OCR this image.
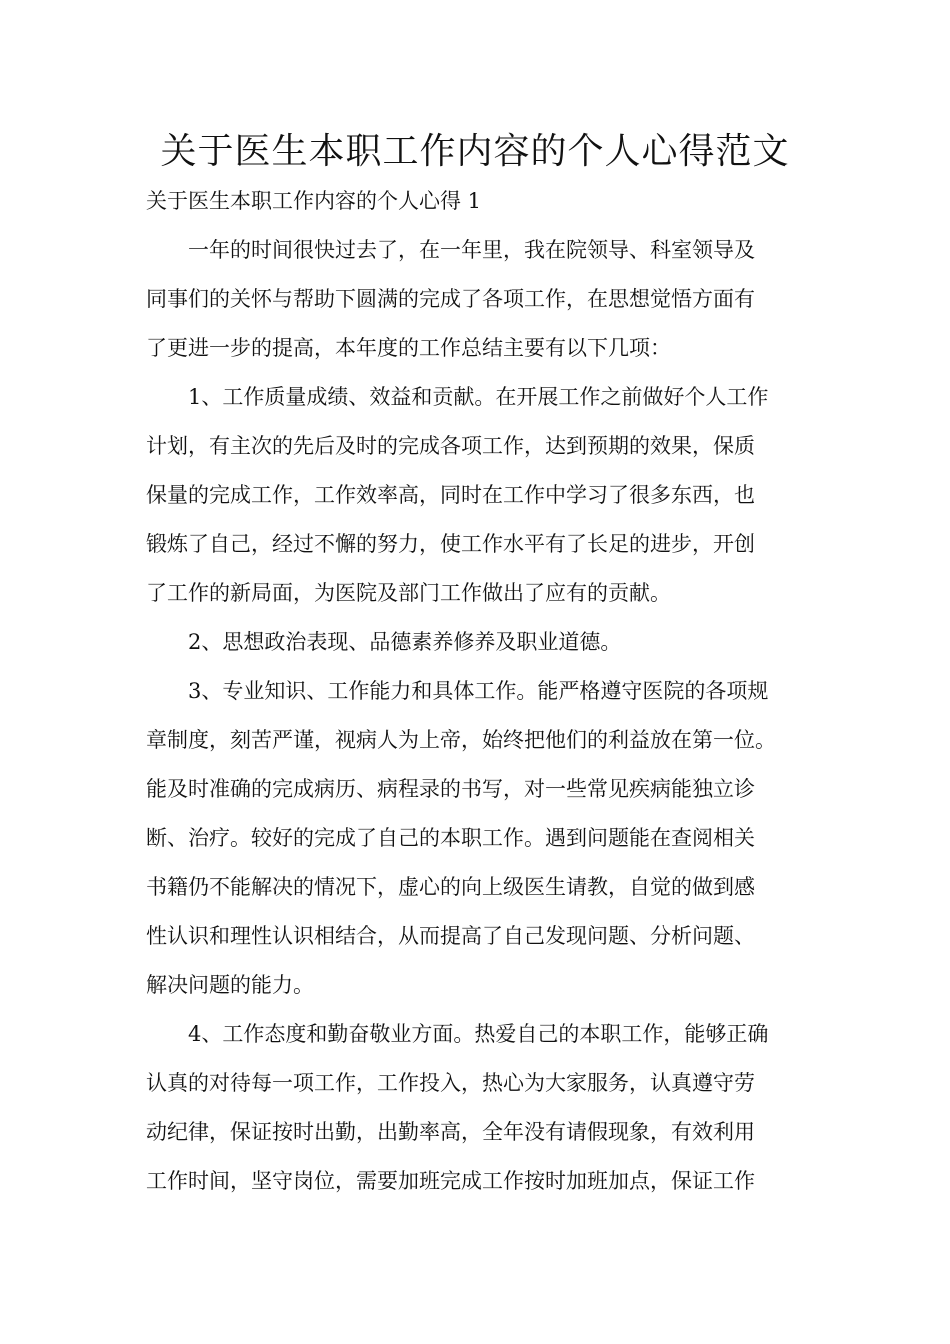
关于医生本职工作内容的个人心得范文

关于医生本职工作内容的个人心得 1

一年的时间很快过去了，在一年里，我在院领导、科室领导及
同事们的关怀与帮助下圆满的完成了各项工作，在思想觉悟方面有
了更进一步的提高，本年度的工作总结主要有以下几项：

1、工作质量成绩、效益和贡献。在开展工作之前做好个人工作
计划，有主次的先后及时的完成各项工作，达到预期的效果，保质
保量的完成工作，工作效率高，同时在工作中学习了很多东西，也
锻炼了自己，经过不懈的努力，使工作水平有了长足的进步，开创
了工作的新局面，为医院及部门工作做出了应有的贡献。

2、思想政治表现、品德素养修养及职业道德。

3、专业知识、工作能力和具体工作。能严格遵守医院的各项规
章制度，刻苦严谨，视病人为上帝，始终把他们的利益放在第一位。
能及时准确的完成病历、病程录的书写，对一些常见疾病能独立诊
断、治疗。较好的完成了自己的本职工作。遇到问题能在查阅相关
书籍仍不能解决的情况下，虚心的向上级医生请教，自觉的做到感
性认识和理性认识相结合，从而提高了自己发现问题、分析问题、
解决问题的能力。

4、工作态度和勤奋敬业方面。热爱自己的本职工作，能够正确
认真的对待每一项工作，工作投入，热心为大家服务，认真遵守劳
动纪律，保证按时出勤，出勤率高，全年没有请假现象，有效利用
工作时间，坚守岗位，需要加班完成工作按时加班加点，保证工作
